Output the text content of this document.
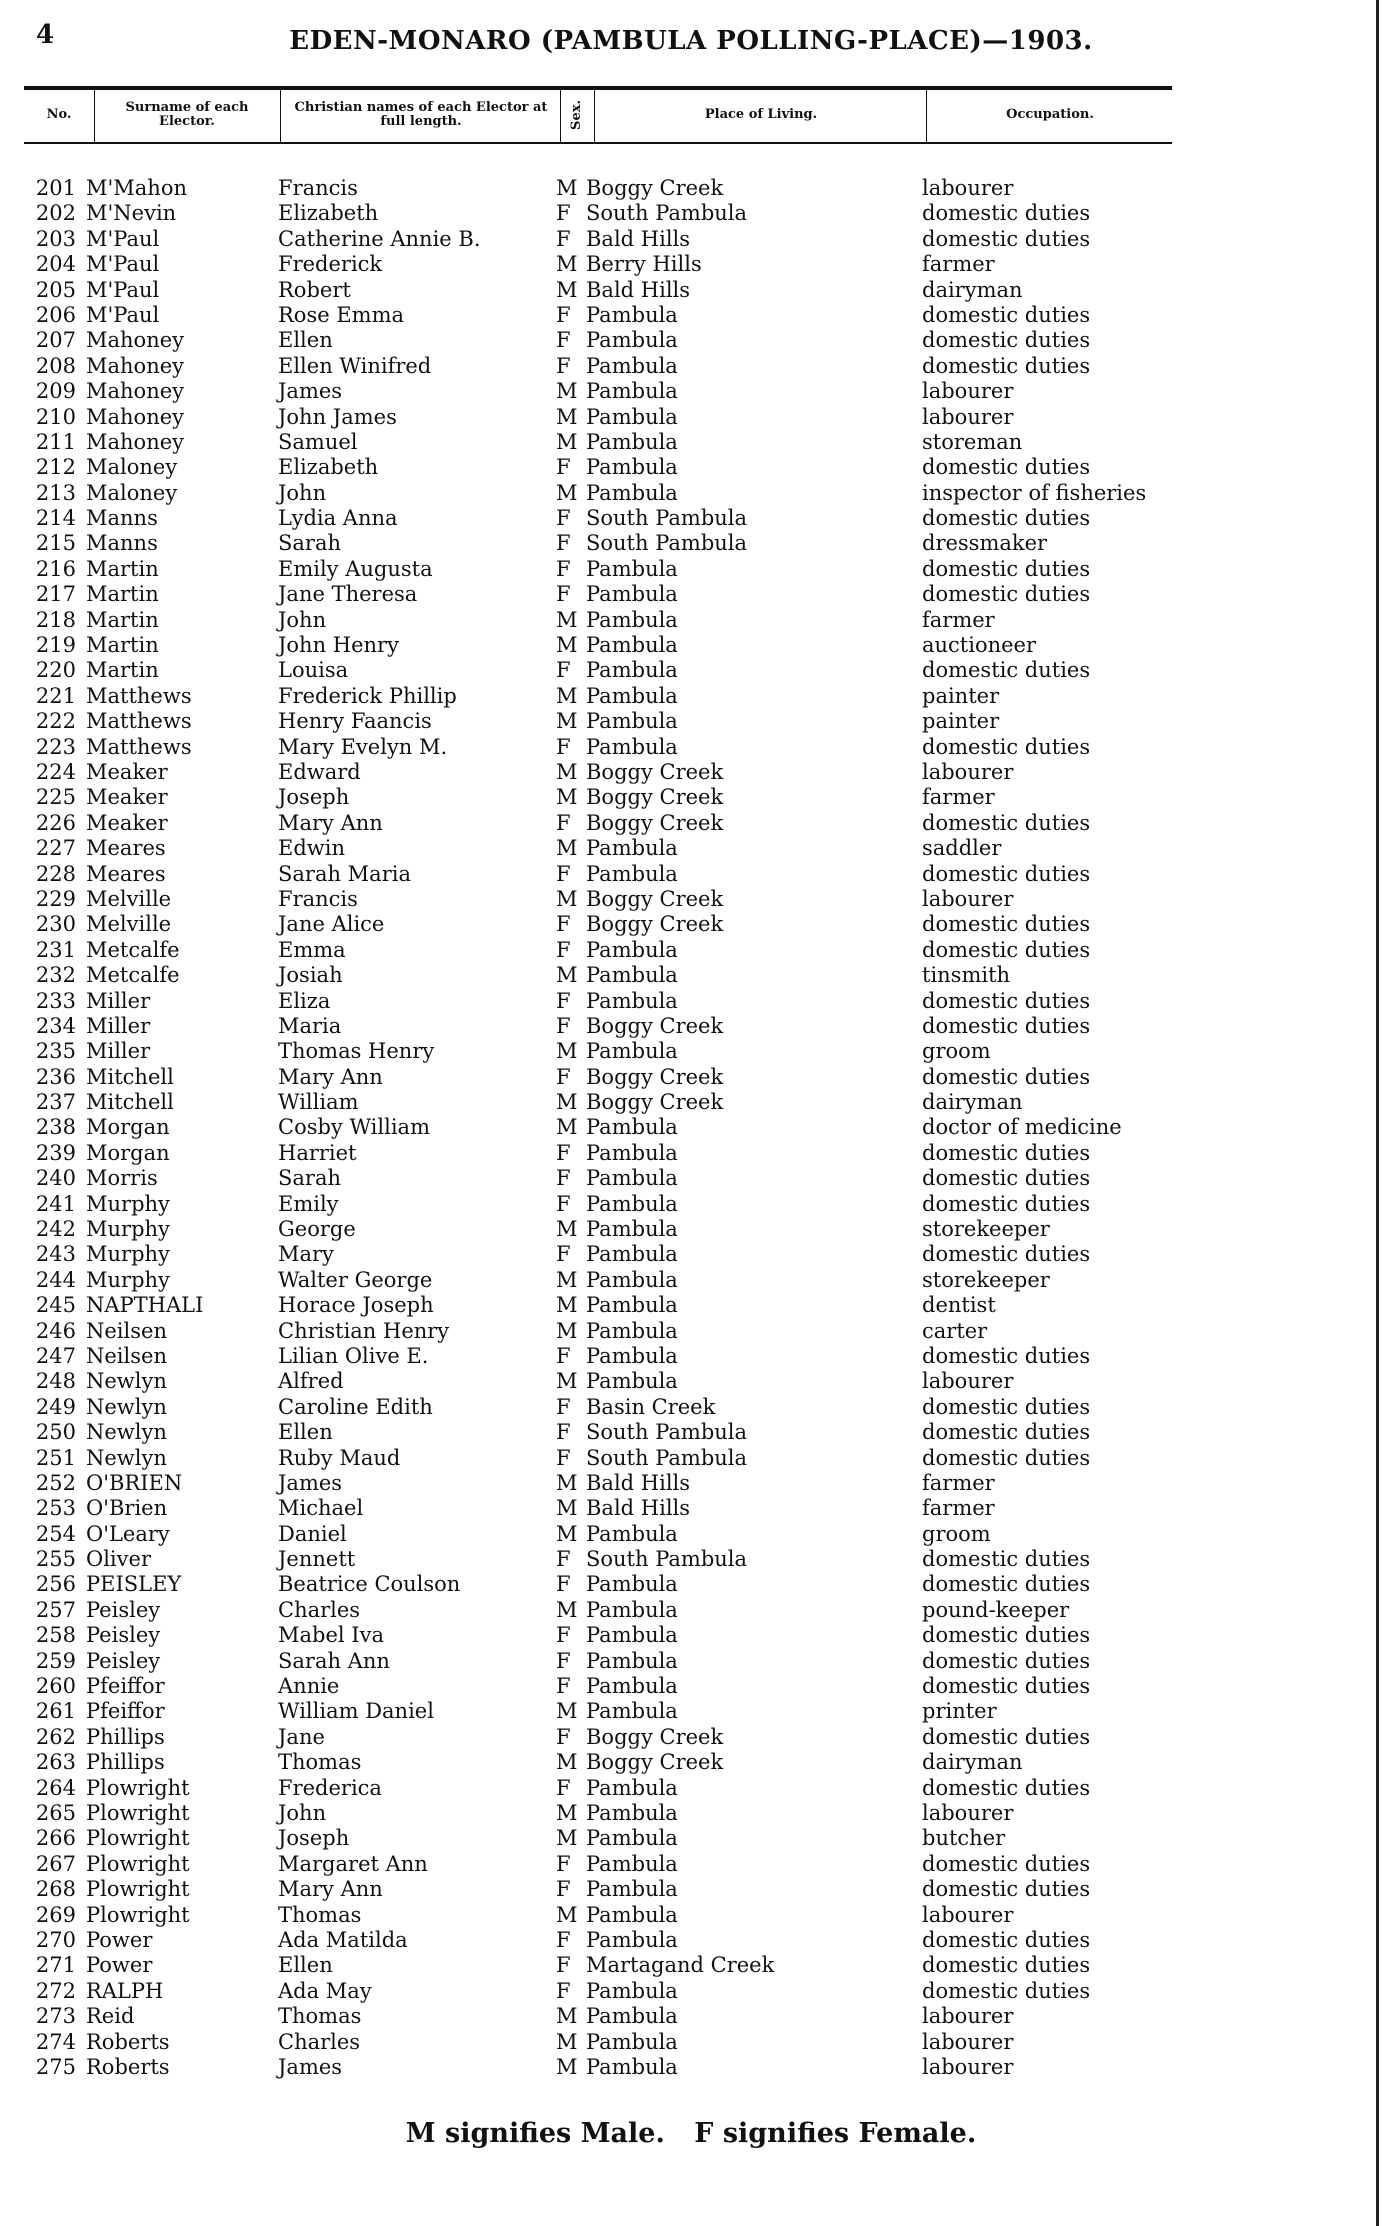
4	EDEN-MONARO (PAMBULA POLLING-PLACE)—1903.
No.	Surname of each Elector.
Christian names of each Elector at full length.	Sex.	Place of Living.	Occupation.
201 M'Mahon	Francis	M Boggy Creek	labourer
202 M'Nevin	Elizabeth	F South Pambula	domestic duties
203 M'Paul	Catherine Annie B.	F Bald Hills	domestic duties
204 M'Paul	Frederick	M Berry Hills	farmer
205 M'Paul	Robert	M Bald Hills	dairyman
206 M'Paul	Rose Emma	F Pambula	domestic duties
207 Mahoney	Ellen	F Pambula	domestic duties
208 Mahoney	Ellen Winifred	F Pambula	domestic duties
209 Mahoney	James	M Pambula	labourer
210 Mahoney	John James	M Pambula	labourer
211 Mahoney	Samuel	M Pambula	storeman
212 Maloney	Elizabeth	F Pambula	domestic duties
213 Maloney	John	M Pambula	inspector of fisheries
214 Manns	Lydia Anna	F South Pambula	domestic duties
215 Manns	Sarah	F South Pambula	dressmaker
216 Martin	Emily Augusta	F Pambula	domestic duties
217 Martin	Jane Theresa	F Pambula	domestic duties
218 Martin	John	M Pambula	farmer
219 Martin	John Henry	M Pambula	auctioneer
220 Martin	Louisa	F Pambula	domestic duties
221 Matthews	Frederick Phillip	M Pambula	painter
222 Matthews	Henry Faancis	M Pambula	painter
223 Matthews	Mary Evelyn M.	F Pambula	domestic duties
224 Meaker	Edward	M Boggy Creek	labourer
225 Meaker	Joseph	M Boggy Creek	farmer
226 Meaker	Mary Ann	F Boggy Creek	domestic duties
227 Meares	Edwin	M Pambula	saddler
228 Meares	Sarah Maria	F Pambula	domestic duties
229 Melville	Francis	M Boggy Creek	labourer
230 Melville	Jane Alice	F Boggy Creek	domestic duties
231 Metcalfe	Emma	F Pambula	domestic duties
232 Metcalfe	Josiah	M Pambula	tinsmith
233 Miller	Eliza	F Pambula	domestic duties
234 Miller	Maria	F Boggy Creek	domestic duties
235 Miller	Thomas Henry	M Pambula	groom
236 Mitchell	Mary Ann	F Boggy Creek	domestic duties
237 Mitchell	William	M Boggy Creek	dairyman
238 Morgan	Cosby William	M Pambula	doctor of medicine
239 Morgan	Harriet	F Pambula	domestic duties
240 Morris	Sarah	F Pambula	domestic duties
241 Murphy	Emily	F Pambula	domestic duties
242 Murphy	George	M Pambula	storekeeper
243 Murphy	Mary	F Pambula	domestic duties
244 Murphy	Walter George	M Pambula	storekeeper
245 NAPTHALI	Horace Joseph	M Pambula	dentist
246 Neilsen	Christian Henry	M Pambula	carter
247 Neilsen	Lilian Olive E.	F Pambula	domestic duties
248 Newlyn	Alfred	M Pambula	labourer
249 Newlyn	Caroline Edith	F Basin Creek	domestic duties
250 Newlyn	Ellen	F South Pambula	domestic duties
251 Newlyn	Ruby Maud	F South Pambula	domestic duties
252 O'BRIEN	James	M Bald Hills	farmer
253 O'Brien	Michael	M Bald Hills	farmer
254 O'Leary	Daniel	M Pambula	groom
255 Oliver	Jennett	F South Pambula	domestic duties
256 PEISLEY	Beatrice Coulson	F Pambula	domestic duties
257 Peisley	Charles	M Pambula	pound-keeper
258 Peisley	Mabel Iva	F Pambula	domestic duties
259 Peisley	Sarah Ann	F Pambula	domestic duties
260 Pfeiffor	Annie	F Pambula	domestic duties
261 Pfeiffor	William Daniel	M Pambula	printer
262 Phillips	Jane	F Boggy Creek	domestic duties
263 Phillips	Thomas	M Boggy Creek	dairyman
264 Plowright	Frederica	F Pambula	domestic duties
265 Plowright	John	M Pambula	labourer
266 Plowright	Joseph	M Pambula	butcher
267 Plowright	Margaret Ann	F Pambula	domestic duties
268 Plowright	Mary Ann	F Pambula	domestic duties
269 Plowright	Thomas	M Pambula	labourer
270 Power	Ada Matilda	F Pambula	domestic duties
271 Power	Ellen	F Martagand Creek	domestic duties
272 RALPH	Ada May	F Pambula	domestic duties
273 Reid	Thomas	M Pambula	labourer
274 Roberts	Charles	M Pambula	labourer
275 Roberts	James	M Pambula	labourer
M signifies Male. F signifies Female.
